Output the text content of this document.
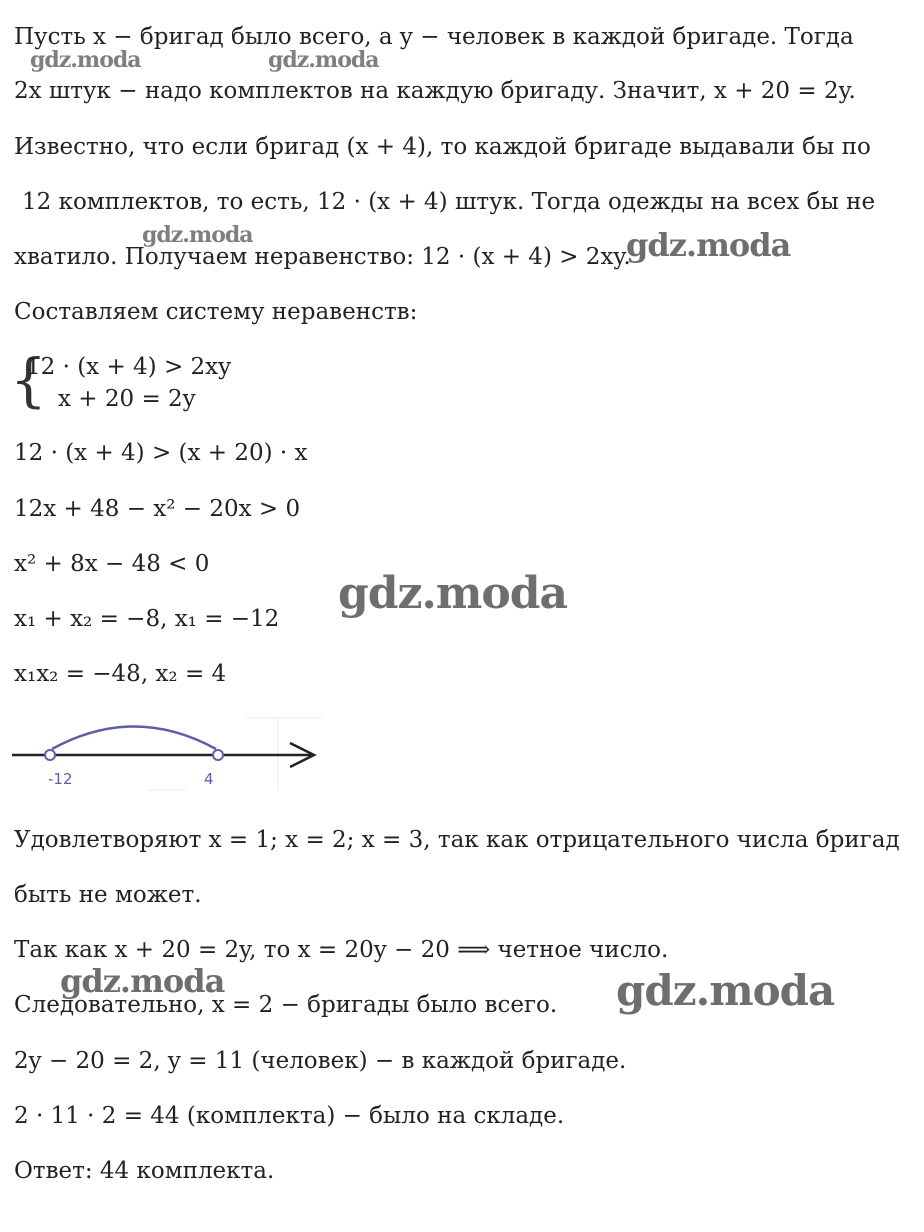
Пусть x − бригад было всего, а y − человек в каждой бригаде. Тогда
2x штук − надо комплектов на каждую бригаду. Значит, x + 20 = 2y.
Известно, что если бригад (x + 4), то каждой бригаде выдавали бы по
12 комплектов, то есть, 12 · (x + 4) штук. Тогда одежды на всех бы не
хватило. Получаем неравенство: 12 · (x + 4) > 2xy.
Составляем систему неравенств:
{
12 · (x + 4) > 2xy
x + 20 = 2y
12 · (x + 4) > (x + 20) · x
12x + 48 − x² − 20x > 0
x² + 8x − 48 < 0
x₁ + x₂ = −8, x₁ = −12
x₁x₂ = −48, x₂ = 4
-12	4
Удовлетворяют x = 1; x = 2; x = 3, так как отрицательного числа бригад
быть не может.
Так как x + 20 = 2y, то x = 20y − 20 ⟹ четное число.
Следовательно, x = 2 − бригады было всего.
2y − 20 = 2, y = 11 (человек) − в каждой бригаде.
2 · 11 · 2 = 44 (комплекта) − было на складе.
Ответ: 44 комплекта.
gdz.moda	gdz.moda
gdz.moda	gdz.moda
gdz.moda
gdz.moda	gdz.moda
